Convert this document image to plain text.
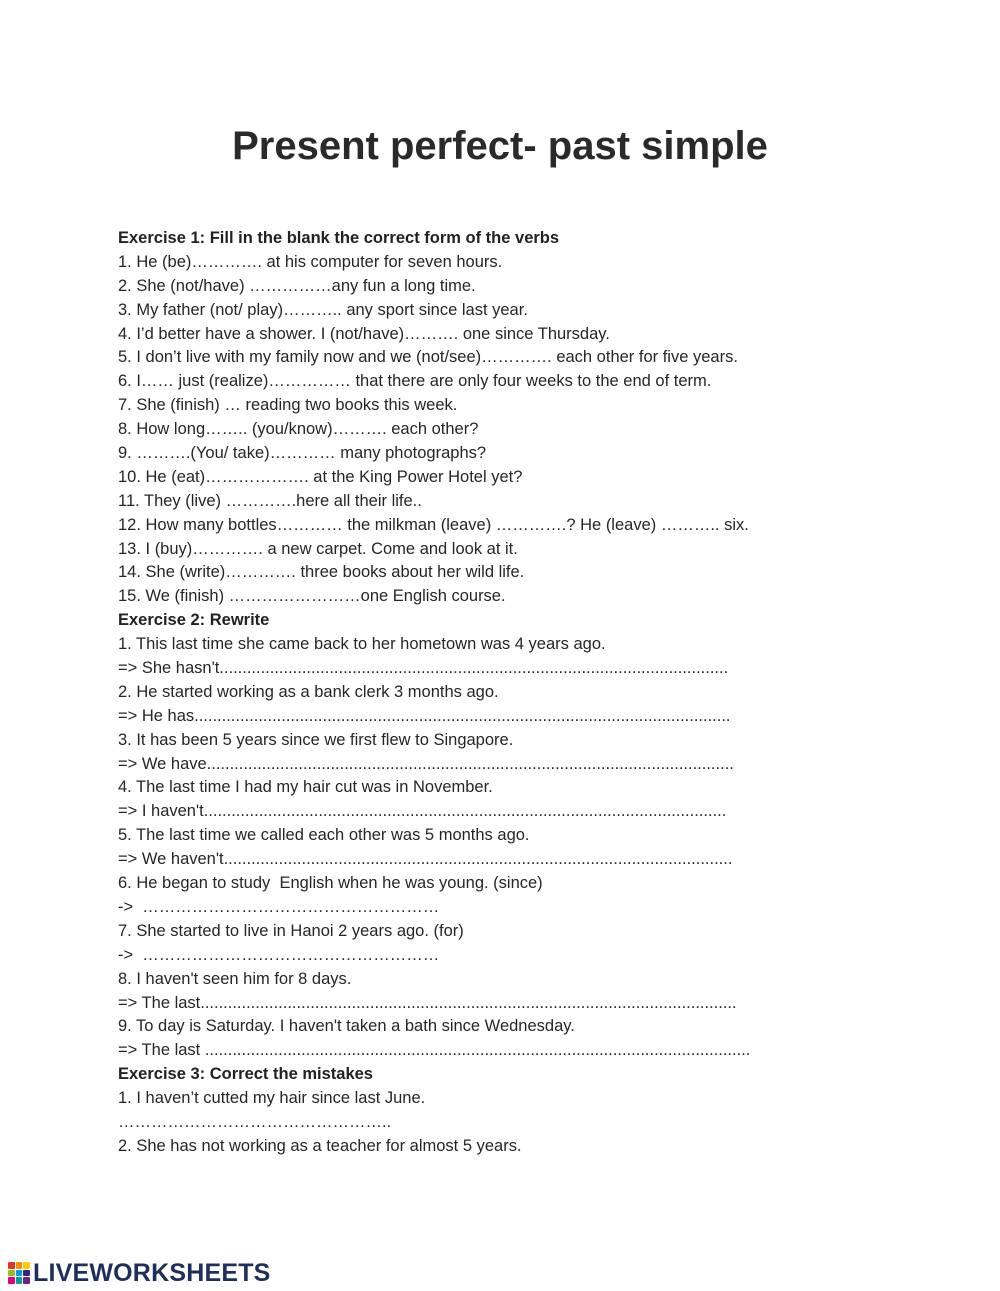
Present perfect- past simple
Exercise 1: Fill in the blank the correct form of the verbs
1. He (be)…………. at his computer for seven hours.
2. She (not/have) ……………any fun a long time.
3. My father (not/ play)……….. any sport since last year.
4. I’d better have a shower. I (not/have)………. one since Thursday.
5. I don’t live with my family now and we (not/see)…………. each other for five years.
6. I…… just (realize)…………… that there are only four weeks to the end of term.
7. She (finish) … reading two books this week.
8. How long…….. (you/know)………. each other?
9. ……….(You/ take)………… many photographs?
10. He (eat)………………. at the King Power Hotel yet?
11. They (live) ………….here all their life..
12. How many bottles………… the milkman (leave) ………….? He (leave) ……….. six.
13. I (buy)…………. a new carpet. Come and look at it.
14. She (write)…………. three books about her wild life.
15. We (finish) ……………………one English course.
Exercise 2: Rewrite
1. This last time she came back to her hometown was 4 years ago.
=> She hasn't...............................................................................................................
2. He started working as a bank clerk 3 months ago.
=> He has.....................................................................................................................
3. It has been 5 years since we first flew to Singapore.
=> We have...................................................................................................................
4. The last time I had my hair cut was in November.
=> I haven't..................................................................................................................
5. The last time we called each other was 5 months ago.
=> We haven't...............................................................................................................
6. He began to study  English when he was young. (since)
->  ………………………………………………
7. She started to live in Hanoi 2 years ago. (for)
->  ………………………………………………
8. I haven't seen him for 8 days.
=> The last.....................................................................................................................
9. To day is Saturday. I haven't taken a bath since Wednesday.
=> The last .......................................................................................................................
Exercise 3: Correct the mistakes
1. I haven’t cutted my hair since last June.
…………………………………………..
2. She has not working as a teacher for almost 5 years.
LIVEWORKSHEETS
